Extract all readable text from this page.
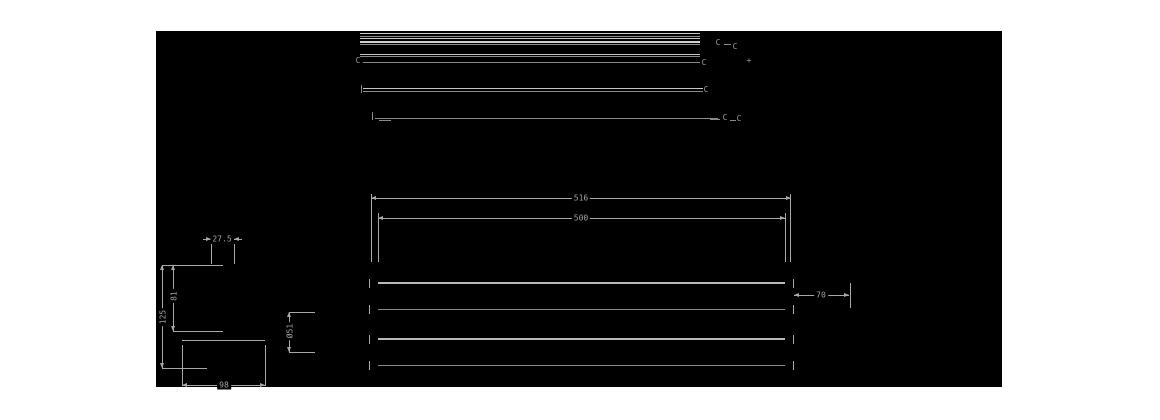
C
C C
C	+
C
C C
516
500
70
27.5
125
81
98
Ø51
